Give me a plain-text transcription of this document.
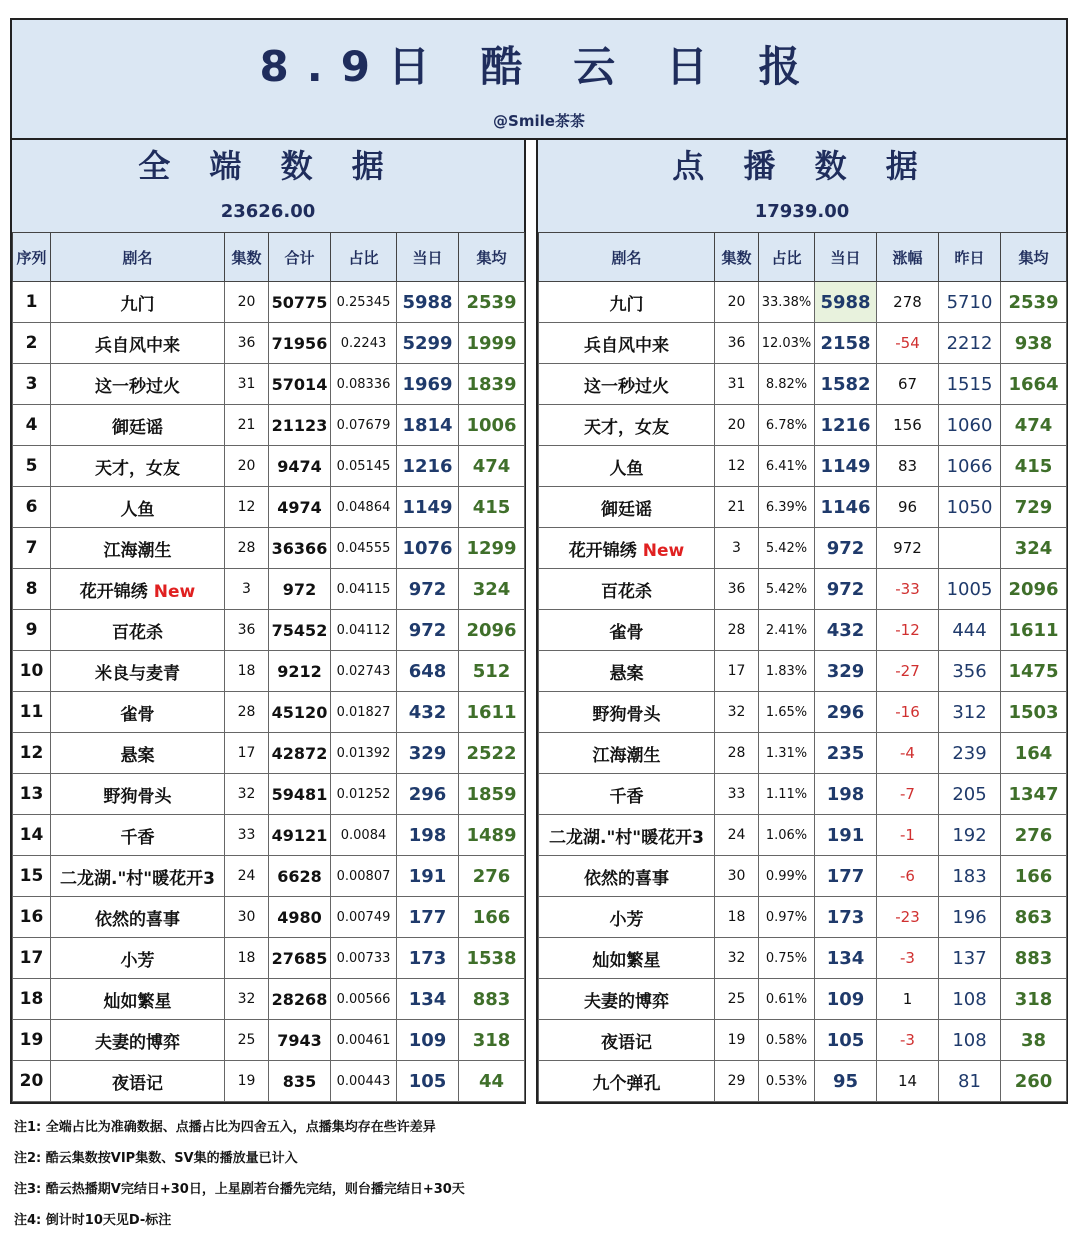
8.9日 酷 云 日 报
@Smile茶茶
全 端 数 据
23626.00
序列	剧名	集数	合计	占比	当日	集均
1	九门	20	50775	0.25345	5988	2539
2	兵自风中来	36	71956	0.2243	5299	1999
3	这一秒过火	31	57014	0.08336	1969	1839
4	御廷谣	21	21123	0.07679	1814	1006
5	天才，女友	20	9474	0.05145	1216	474
6	人鱼	12	4974	0.04864	1149	415
7	江海潮生	28	36366	0.04555	1076	1299
8	花开锦绣 New	3	972	0.04115	972	324
9	百花杀	36	75452	0.04112	972	2096
10	米良与麦青	18	9212	0.02743	648	512
11	雀骨	28	45120	0.01827	432	1611
12	悬案	17	42872	0.01392	329	2522
13	野狗骨头	32	59481	0.01252	296	1859
14	千香	33	49121	0.0084	198	1489
15	二龙湖."村"暖花开3	24	6628	0.00807	191	276
16	依然的喜事	30	4980	0.00749	177	166
17	小芳	18	27685	0.00733	173	1538
18	灿如繁星	32	28268	0.00566	134	883
19	夫妻的博弈	25	7943	0.00461	109	318
20	夜语记	19	835	0.00443	105	44
点 播 数 据
17939.00
剧名	集数	占比	当日	涨幅	昨日	集均
九门	20	33.38%	5988	278	5710	2539
兵自风中来	36	12.03%	2158	-54	2212	938
这一秒过火	31	8.82%	1582	67	1515	1664
天才，女友	20	6.78%	1216	156	1060	474
人鱼	12	6.41%	1149	83	1066	415
御廷谣	21	6.39%	1146	96	1050	729
花开锦绣 New	3	5.42%	972	972		324
百花杀	36	5.42%	972	-33	1005	2096
雀骨	28	2.41%	432	-12	444	1611
悬案	17	1.83%	329	-27	356	1475
野狗骨头	32	1.65%	296	-16	312	1503
江海潮生	28	1.31%	235	-4	239	164
千香	33	1.11%	198	-7	205	1347
二龙湖."村"暖花开3	24	1.06%	191	-1	192	276
依然的喜事	30	0.99%	177	-6	183	166
小芳	18	0.97%	173	-23	196	863
灿如繁星	32	0.75%	134	-3	137	883
夫妻的博弈	25	0.61%	109	1	108	318
夜语记	19	0.58%	105	-3	108	38
九个弹孔	29	0.53%	95	14	81	260
注1: 全端占比为准确数据、点播占比为四舍五入，点播集均存在些许差异
注2: 酷云集数按VIP集数、SV集的播放量已计入
注3: 酷云热播期V完结日+30日，上星剧若台播先完结，则台播完结日+30天
注4: 倒计时10天见D-标注
